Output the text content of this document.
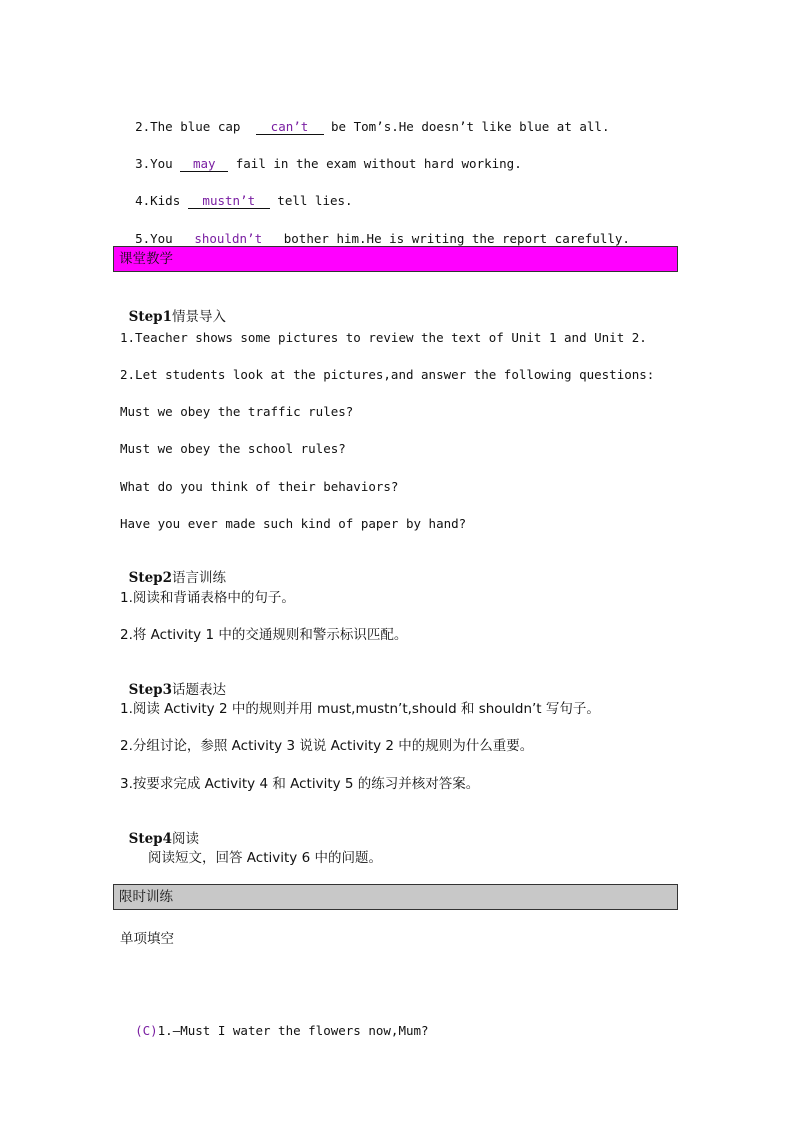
2.The blue cap  can’t be Tom’s.He doesn’t like blue at all.

3.You may fail in the exam without hard working.

4.Kids mustn’t tell lies.

5.You shouldn’t bother him.He is writing the report carefully.

课堂教学

Step1情景导入

1.Teacher shows some pictures to review the text of Unit 1 and Unit 2.
2.Let students look at the pictures,and answer the following questions:
Must we obey the traffic rules?
Must we obey the school rules?
What do you think of their behaviors?
Have you ever made such kind of paper by hand?

Step2语言训练

1.阅读和背诵表格中的句子。
2.将 Activity 1 中的交通规则和警示标识匹配。

Step3话题表达

1.阅读 Activity 2 中的规则并用 must,mustn’t,should 和 shouldn’t 写句子。
2.分组讨论，参照 Activity 3 说说 Activity 2 中的规则为什么重要。
3.按要求完成 Activity 4 和 Activity 5 的练习并核对答案。

Step4阅读

阅读短文，回答 Activity 6 中的问题。
限时训练
单项填空

(C)1.—Must I water the flowers now,Mum?
